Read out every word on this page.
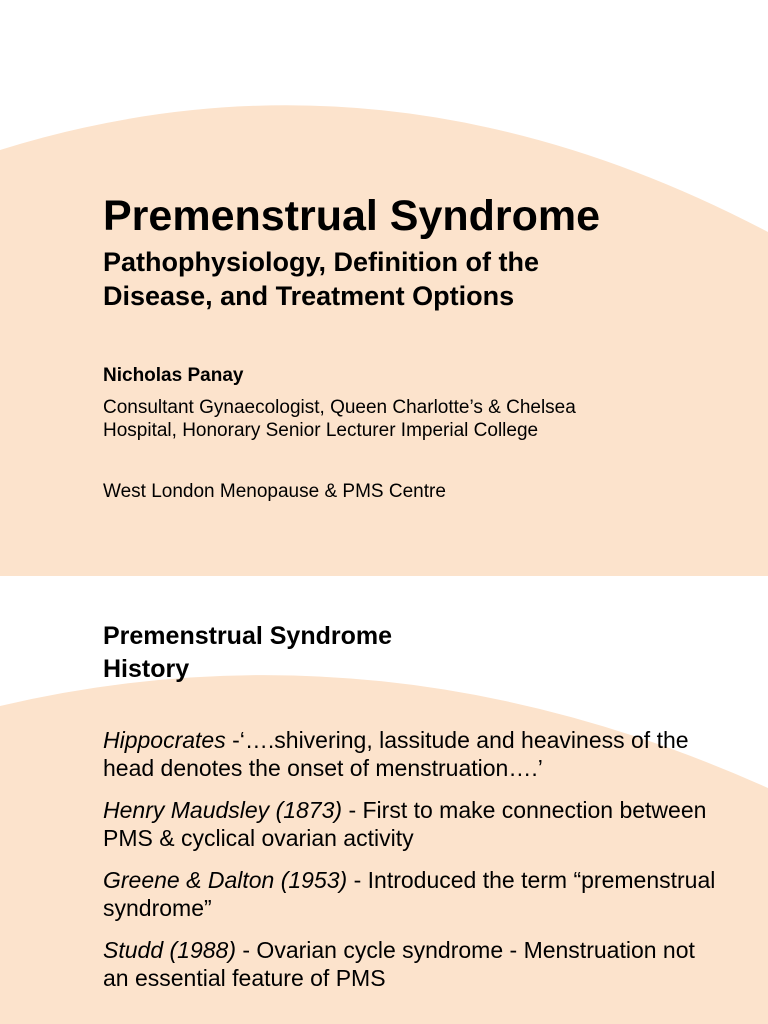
Premenstrual Syndrome
Pathophysiology, Definition of the
Disease, and Treatment Options
Nicholas Panay
Consultant Gynaecologist, Queen Charlotte’s & Chelsea
Hospital, Honorary Senior Lecturer Imperial College
West London Menopause & PMS Centre
Premenstrual Syndrome
History
Hippocrates -‘….shivering, lassitude and heaviness of the head denotes the onset of menstruation….’
Henry Maudsley (1873) - First to make connection between PMS & cyclical ovarian activity
Greene & Dalton (1953) - Introduced the term “premenstrual syndrome”
Studd (1988) - Ovarian cycle syndrome - Menstruation not an essential feature of PMS
